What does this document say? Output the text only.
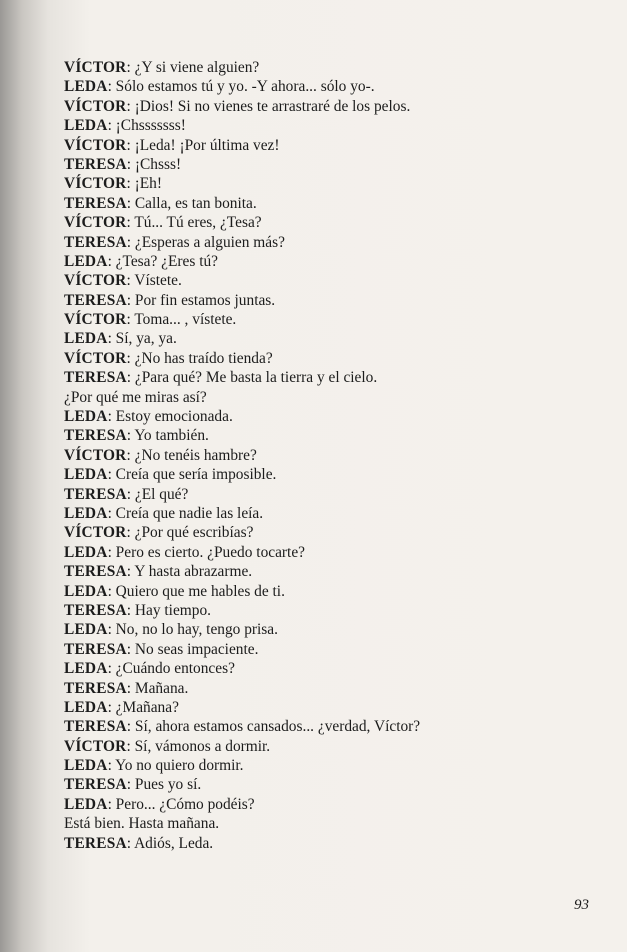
VÍCTOR: ¿Y si viene alguien?
LEDA: Sólo estamos tú y yo. -Y ahora... sólo yo-.
VÍCTOR: ¡Dios! Si no vienes te arrastraré de los pelos.
LEDA: ¡Chsssssss!
VÍCTOR: ¡Leda! ¡Por última vez!
TERESA: ¡Chsss!
VÍCTOR: ¡Eh!
TERESA: Calla, es tan bonita.
VÍCTOR: Tú... Tú eres, ¿Tesa?
TERESA: ¿Esperas a alguien más?
LEDA: ¿Tesa? ¿Eres tú?
VÍCTOR: Vístete.
TERESA: Por fin estamos juntas.
VÍCTOR: Toma... , vístete.
LEDA: Sí, ya, ya.
VÍCTOR: ¿No has traído tienda?
TERESA: ¿Para qué? Me basta la tierra y el cielo.
¿Por qué me miras así?
LEDA: Estoy emocionada.
TERESA: Yo también.
VÍCTOR: ¿No tenéis hambre?
LEDA: Creía que sería imposible.
TERESA: ¿El qué?
LEDA: Creía que nadie las leía.
VÍCTOR: ¿Por qué escribías?
LEDA: Pero es cierto. ¿Puedo tocarte?
TERESA: Y hasta abrazarme.
LEDA: Quiero que me hables de ti.
TERESA: Hay tiempo.
LEDA: No, no lo hay, tengo prisa.
TERESA: No seas impaciente.
LEDA: ¿Cuándo entonces?
TERESA: Mañana.
LEDA: ¿Mañana?
TERESA: Sí, ahora estamos cansados... ¿verdad, Víctor?
VÍCTOR: Sí, vámonos a dormir.
LEDA: Yo no quiero dormir.
TERESA: Pues yo sí.
LEDA: Pero... ¿Cómo podéis?
Está bien. Hasta mañana.
TERESA: Adiós, Leda.
93
